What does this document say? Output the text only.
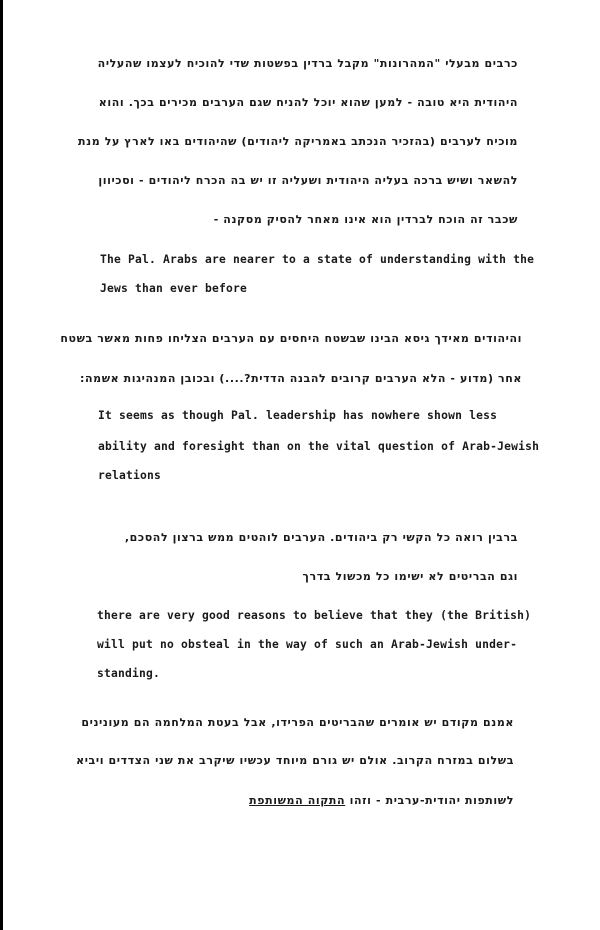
כרבים מבעלי "המהרונות" מקבל ברדין בפשטות שדי להוכיח לעצמו שהעליה
היהודית היא טובה - למען שהוא יוכל להניח שגם הערבים מכירים בכך. והוא
מוכיח לערבים (בהזכיר הנכתב באמריקה ליהודים) שהיהודים באו לארץ על מנת
להשאר ושיש ברכה בעליה היהודית ושעליה זו יש בה הכרח ליהודים - וסכיוון
שכבר זה הוכח לברדין הוא אינו מאחר להסיק מסקנה -
The Pal. Arabs are nearer to a state of understanding with the
Jews than ever before
והיהודים מאידך גיסא הבינו שבשטח היחסים עם הערבים הצליחו פחות מאשר בשטח
אחר (מדוע - הלא הערבים קרובים להבנה הדדית?....) ובכובן המנהיגות אשמה:
It seems as though Pal. leadership has nowhere shown less
ability and foresight than on the vital question of Arab-Jewish
relations
ברבין רואה כל הקשי רק ביהודים. הערבים לוהטים ממש ברצון להסכם,
וגם הבריטים לא ישימו כל מכשול בדרך
there are very good reasons to believe that they (the British)
will put no obsteal in the way of such an Arab-Jewish under-
standing.
אמנם מקודם יש אומרים שהבריטים הפרידו, אבל בעטת המלחמה הם מעונינים
בשלום במזרח הקרוב. אולם יש גורם מיוחד עכשיו שיקרב את שני הצדדים ויביא
לשותפות יהודית-ערבית - וזהו התקוה המשותפת
